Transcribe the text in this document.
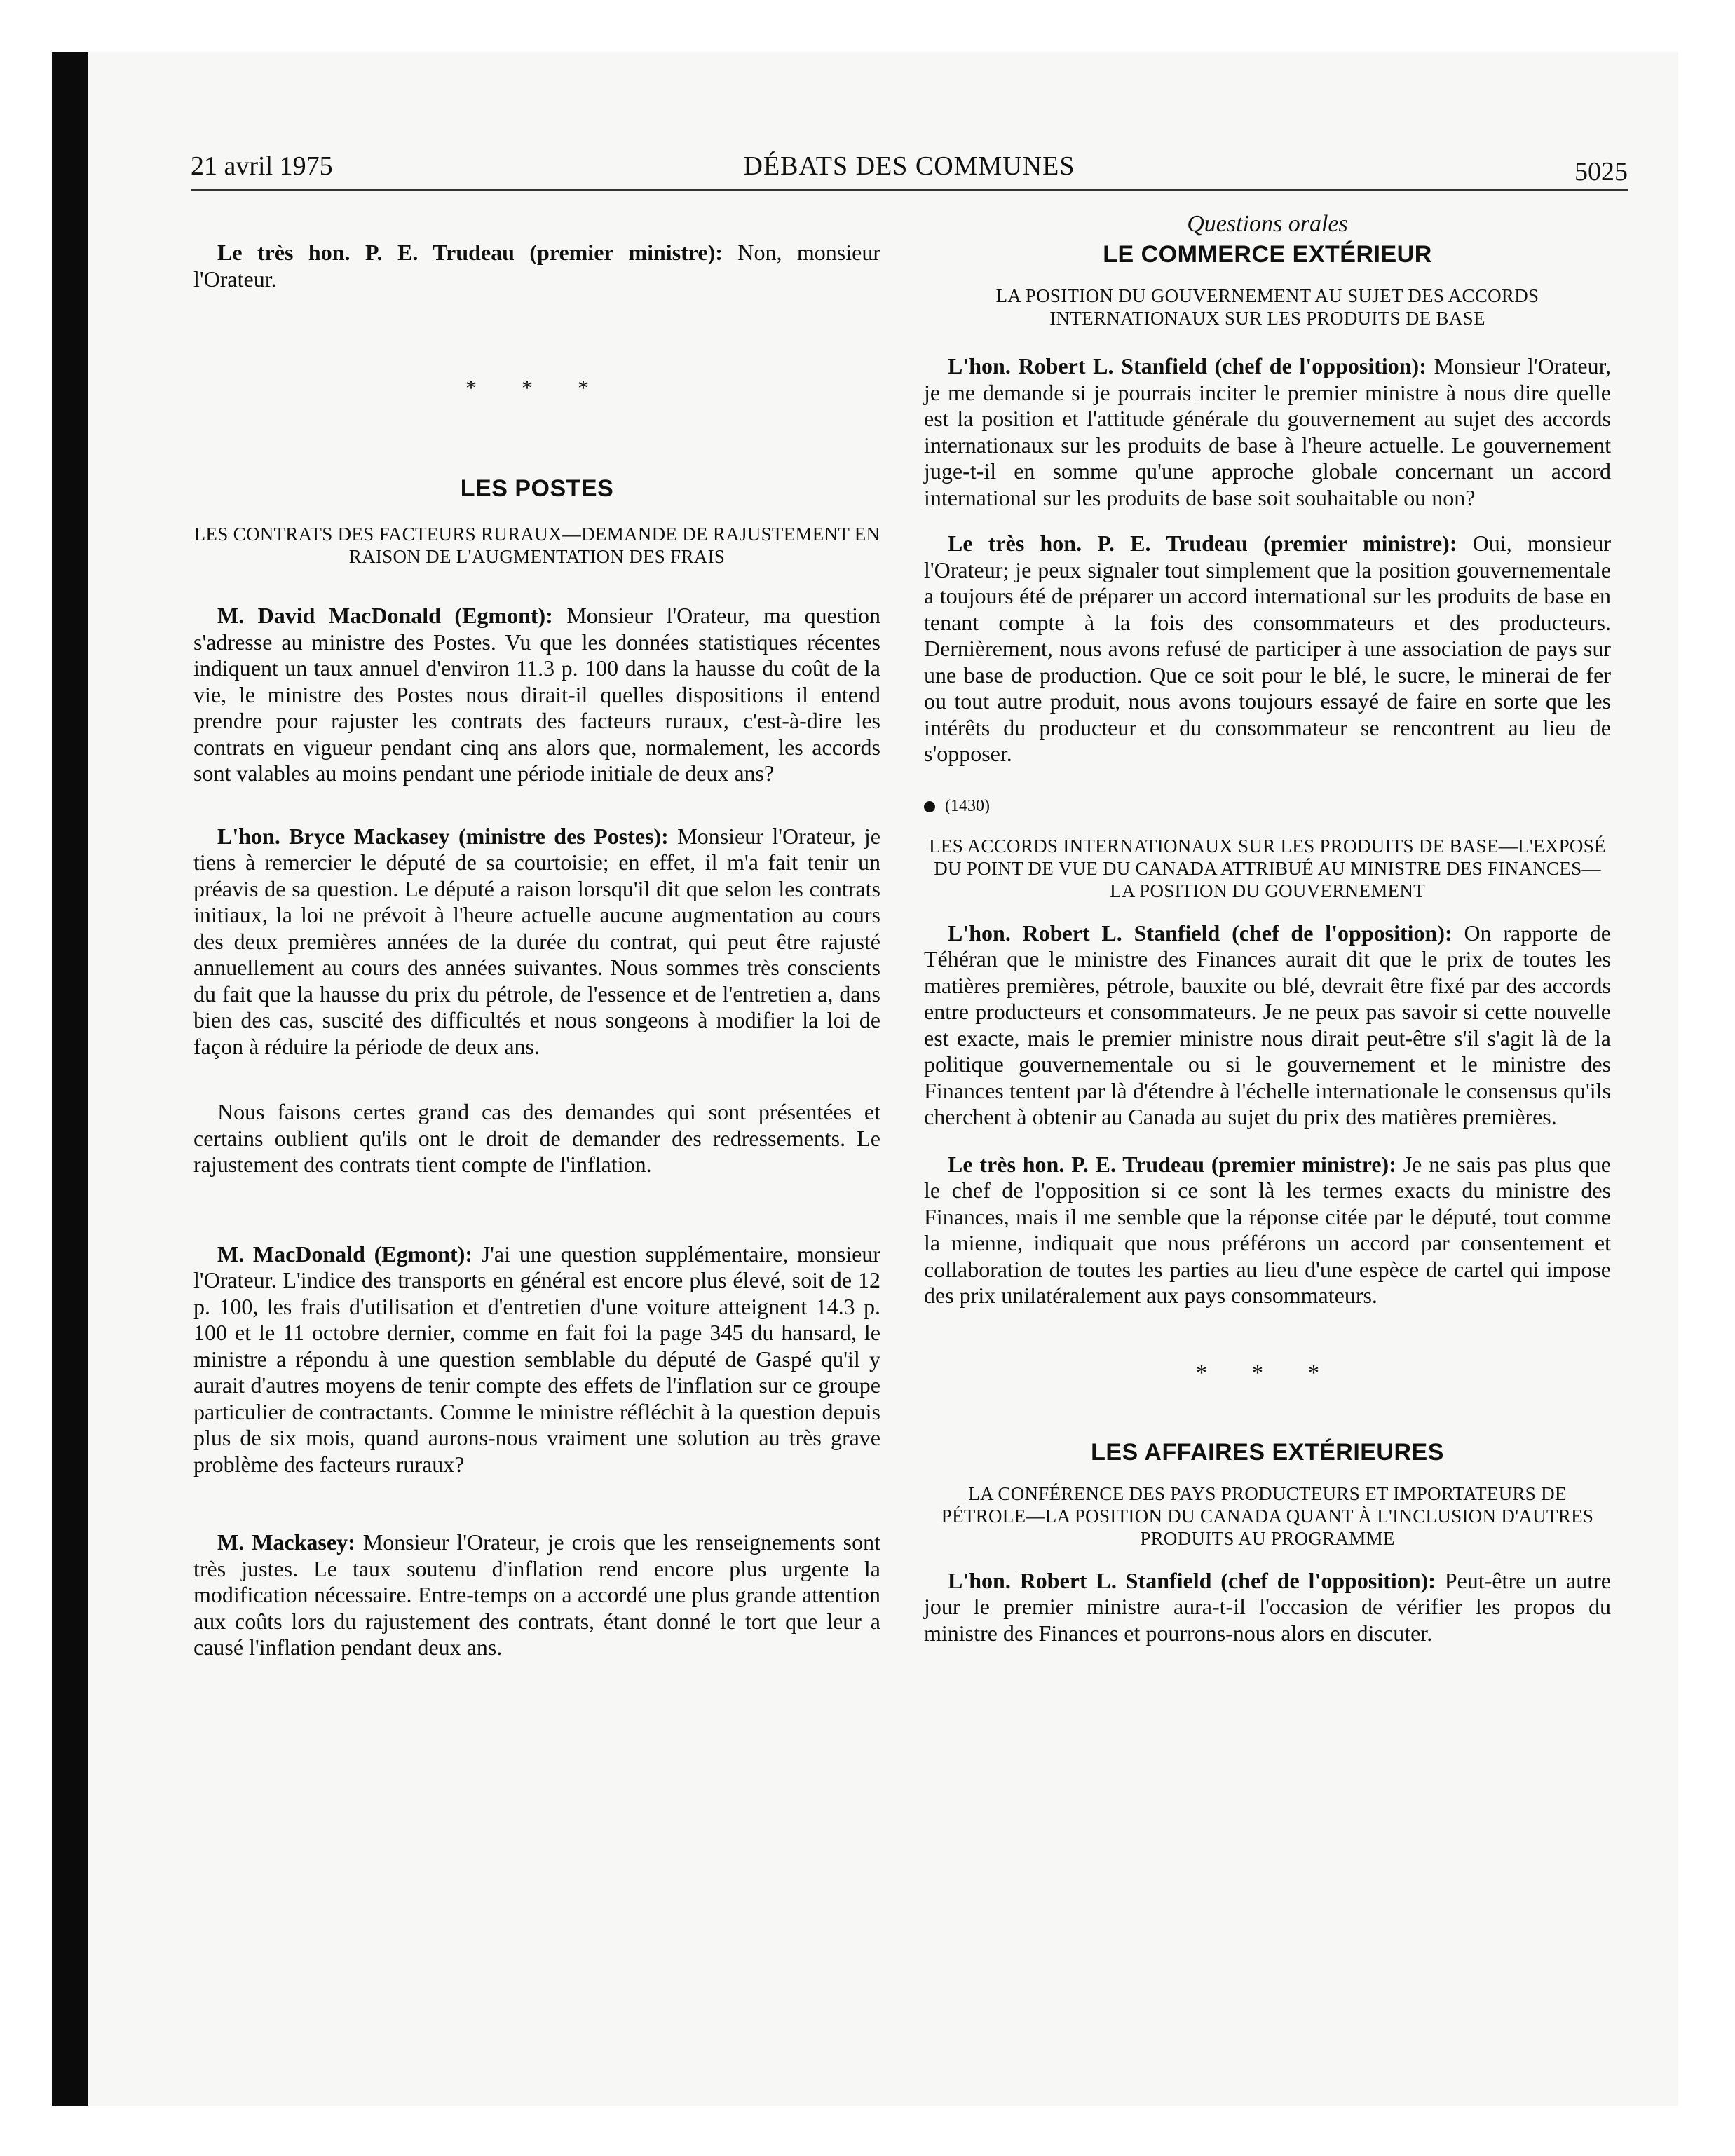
21 avril 1975	DÉBATS DES COMMUNES	5025

Le très hon. P. E. Trudeau (premier ministre): Non, monsieur l'Orateur.

* * *

LES POSTES

LES CONTRATS DES FACTEURS RURAUX—DEMANDE DE RAJUSTEMENT EN RAISON DE L'AUGMENTATION DES FRAIS

M. David MacDonald (Egmont): Monsieur l'Orateur, ma question s'adresse au ministre des Postes. Vu que les données statistiques récentes indiquent un taux annuel d'environ 11.3 p. 100 dans la hausse du coût de la vie, le ministre des Postes nous dirait-il quelles dispositions il entend prendre pour rajuster les contrats des facteurs ruraux, c'est-à-dire les contrats en vigueur pendant cinq ans alors que, normalement, les accords sont valables au moins pendant une période initiale de deux ans?

L'hon. Bryce Mackasey (ministre des Postes): Monsieur l'Orateur, je tiens à remercier le député de sa courtoisie; en effet, il m'a fait tenir un préavis de sa question. Le député a raison lorsqu'il dit que selon les contrats initiaux, la loi ne prévoit à l'heure actuelle aucune augmentation au cours des deux premières années de la durée du contrat, qui peut être rajusté annuellement au cours des années suivantes. Nous sommes très conscients du fait que la hausse du prix du pétrole, de l'essence et de l'entretien a, dans bien des cas, suscité des difficultés et nous songeons à modifier la loi de façon à réduire la période de deux ans.

Nous faisons certes grand cas des demandes qui sont présentées et certains oublient qu'ils ont le droit de demander des redressements. Le rajustement des contrats tient compte de l'inflation.

M. MacDonald (Egmont): J'ai une question supplémentaire, monsieur l'Orateur. L'indice des transports en général est encore plus élevé, soit de 12 p. 100, les frais d'utilisation et d'entretien d'une voiture atteignent 14.3 p. 100 et le 11 octobre dernier, comme en fait foi la page 345 du hansard, le ministre a répondu à une question semblable du député de Gaspé qu'il y aurait d'autres moyens de tenir compte des effets de l'inflation sur ce groupe particulier de contractants. Comme le ministre réfléchit à la question depuis plus de six mois, quand aurons-nous vraiment une solution au très grave problème des facteurs ruraux?

M. Mackasey: Monsieur l'Orateur, je crois que les renseignements sont très justes. Le taux soutenu d'inflation rend encore plus urgente la modification nécessaire. Entre-temps on a accordé une plus grande attention aux coûts lors du rajustement des contrats, étant donné le tort que leur a causé l'inflation pendant deux ans.

Questions orales

LE COMMERCE EXTÉRIEUR

LA POSITION DU GOUVERNEMENT AU SUJET DES ACCORDS INTERNATIONAUX SUR LES PRODUITS DE BASE

L'hon. Robert L. Stanfield (chef de l'opposition): Monsieur l'Orateur, je me demande si je pourrais inciter le premier ministre à nous dire quelle est la position et l'attitude générale du gouvernement au sujet des accords internationaux sur les produits de base à l'heure actuelle. Le gouvernement juge-t-il en somme qu'une approche globale concernant un accord international sur les produits de base soit souhaitable ou non?

Le très hon. P. E. Trudeau (premier ministre): Oui, monsieur l'Orateur; je peux signaler tout simplement que la position gouvernementale a toujours été de préparer un accord international sur les produits de base en tenant compte à la fois des consommateurs et des producteurs. Dernièrement, nous avons refusé de participer à une association de pays sur une base de production. Que ce soit pour le blé, le sucre, le minerai de fer ou tout autre produit, nous avons toujours essayé de faire en sorte que les intérêts du producteur et du consommateur se rencontrent au lieu de s'opposer.

(1430)

LES ACCORDS INTERNATIONAUX SUR LES PRODUITS DE BASE—L'EXPOSÉ DU POINT DE VUE DU CANADA ATTRIBUÉ AU MINISTRE DES FINANCES—LA POSITION DU GOUVERNEMENT

L'hon. Robert L. Stanfield (chef de l'opposition): On rapporte de Téhéran que le ministre des Finances aurait dit que le prix de toutes les matières premières, pétrole, bauxite ou blé, devrait être fixé par des accords entre producteurs et consommateurs. Je ne peux pas savoir si cette nouvelle est exacte, mais le premier ministre nous dirait peut-être s'il s'agit là de la politique gouvernementale ou si le gouvernement et le ministre des Finances tentent par là d'étendre à l'échelle internationale le consensus qu'ils cherchent à obtenir au Canada au sujet du prix des matières premières.

Le très hon. P. E. Trudeau (premier ministre): Je ne sais pas plus que le chef de l'opposition si ce sont là les termes exacts du ministre des Finances, mais il me semble que la réponse citée par le député, tout comme la mienne, indiquait que nous préférons un accord par consentement et collaboration de toutes les parties au lieu d'une espèce de cartel qui impose des prix unilatéralement aux pays consommateurs.

* * *

LES AFFAIRES EXTÉRIEURES

LA CONFÉRENCE DES PAYS PRODUCTEURS ET IMPORTATEURS DE PÉTROLE—LA POSITION DU CANADA QUANT À L'INCLUSION D'AUTRES PRODUITS AU PROGRAMME

L'hon. Robert L. Stanfield (chef de l'opposition): Peut-être un autre jour le premier ministre aura-t-il l'occasion de vérifier les propos du ministre des Finances et pourrons-nous alors en discuter.
